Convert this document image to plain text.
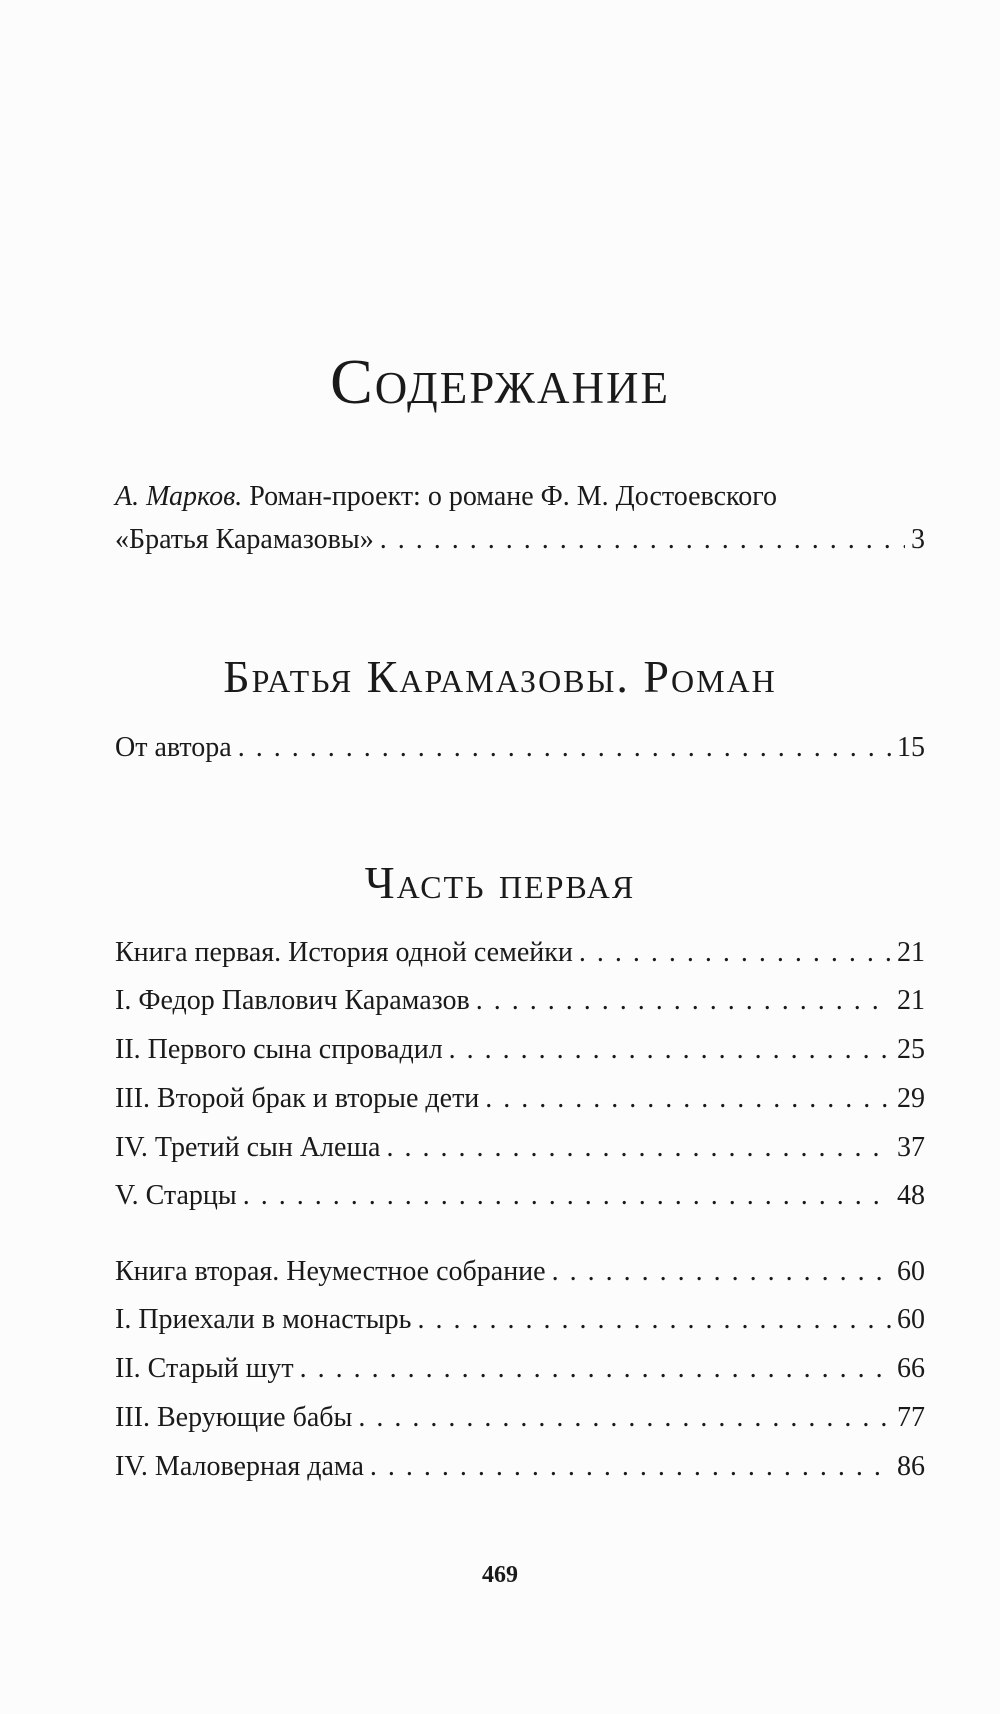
Содержание
А. Марков. Роман-проект: о романе Ф. М. Достоевского
«Братья Карамазовы» . . .	3
Братья Карамазовы. Роман
От автора . . .	15
Часть первая
Книга первая. История одной семейки . . .	21
I. Федор Павлович Карамазов . . .	21
II. Первого сына спровадил . . .	25
III. Второй брак и вторые дети . . .	29
IV. Третий сын Алеша . . .	37
V. Старцы . . .	48
Книга вторая. Неуместное собрание . . .	60
I. Приехали в монастырь . . .	60
II. Старый шут . . .	66
III. Верующие бабы . . .	77
IV. Маловерная дама . . .	86
469
